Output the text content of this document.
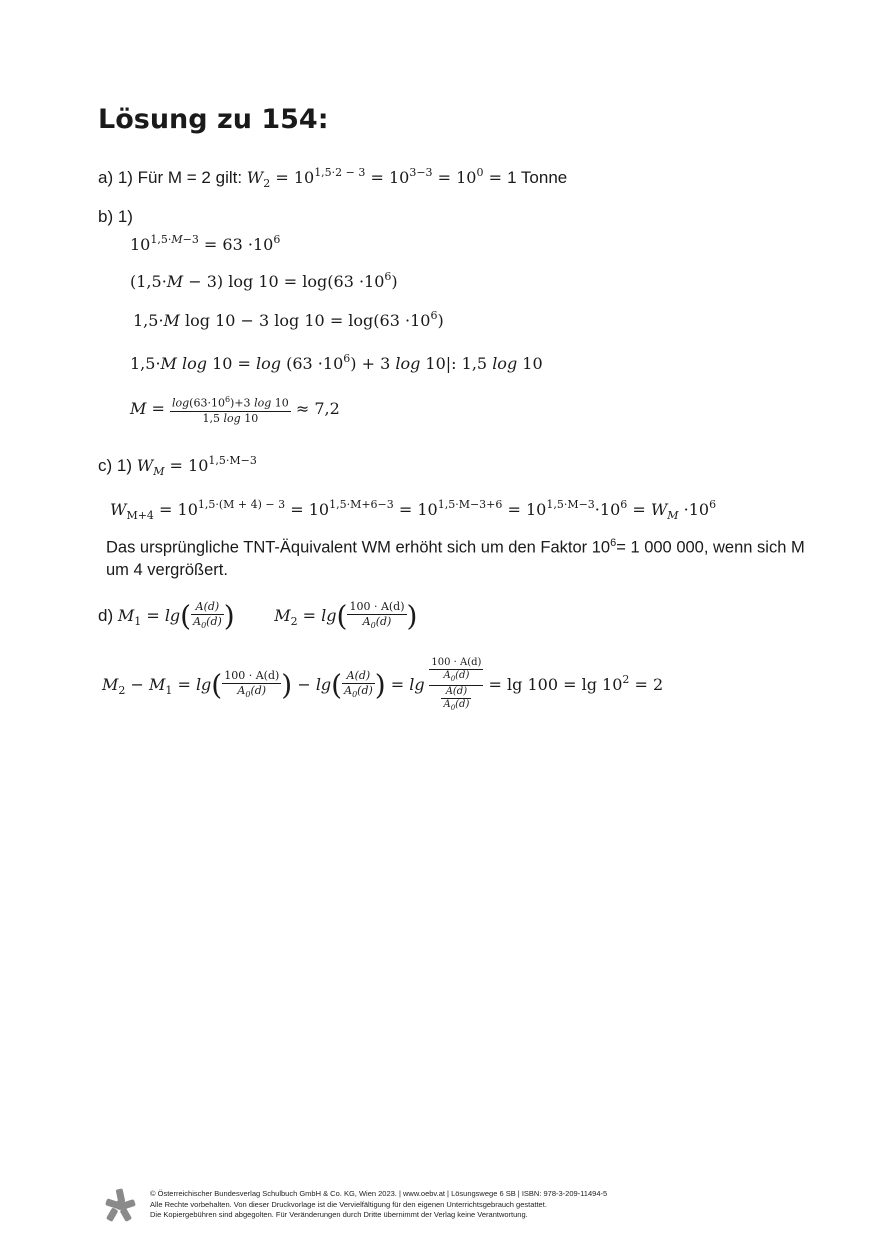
Lösung zu 154:
a) 1) Für M = 2 gilt: $W_2 = 10^{1,5\cdot 2 - 3} = 10^{3-3} = 10^0 = 1$ Tonne
b) 1)
$10^{1,5\cdot M-3} = 63 \cdot 10^6$
(1,5·M − 3) $\log 10 = \log(63 \cdot 10^6)$
1,5·M log 10 − 3 $\log 10 = \log(63 \cdot 10^6)$
1,5·M $\log 10 = \log (63 \cdot 10^6) + 3$ log 10|: 1,5 log 10
$M = \frac{\log(63\cdot 10^6)+3 \log 10}{1,5 \log 10} \approx 7,2$
c) 1) $W_M = 10^{1,5\cdot M-3}$
$W_{M+4} = 10^{1,5\cdot(M + 4) - 3} = 10^{1,5\cdot M+6-3} = 10^{1,5\cdot M-3+6} = 10^{1,5\cdot M-3}\cdot 10^6 = W_M \cdot 10^6$

Das ursprüngliche TNT-Äquivalent WM erhöht sich um den Faktor $10^6= 1$ 000 000, wenn sich M um 4 vergrößert.

d) $M_1 = \lg( \frac{A(d)}{A_0(d)}$ ) $M_2 = \lg( \frac{100 \cdot A(d)}{A_0(d)}$ )
$M_2 - M_1 = \lg( \frac{100 \cdot A(d)}{A_0(d)}$ ) − $\lg( \frac{A(d)}{A_0(d)}$ ) = $\lg \frac{\frac{100 \cdot A(d)}{A_0(d)}}{\frac{A(d)}{A_0(d)}} = \lg 100 = \lg 10^2 = 2$
© Österreichischer Bundesverlag Schulbuch GmbH & Co. KG, Wien 2023. | www.oebv.at | Lösungswege 6 SB | ISBN: 978-3-209-11494-5
Alle Rechte vorbehalten. Von dieser Druckvorlage ist die Vervielfältigung für den eigenen Unterrichtsgebrauch gestattet.
Die Kopiergebühren sind abgegolten. Für Veränderungen durch Dritte übernimmt der Verlag keine Verantwortung.
